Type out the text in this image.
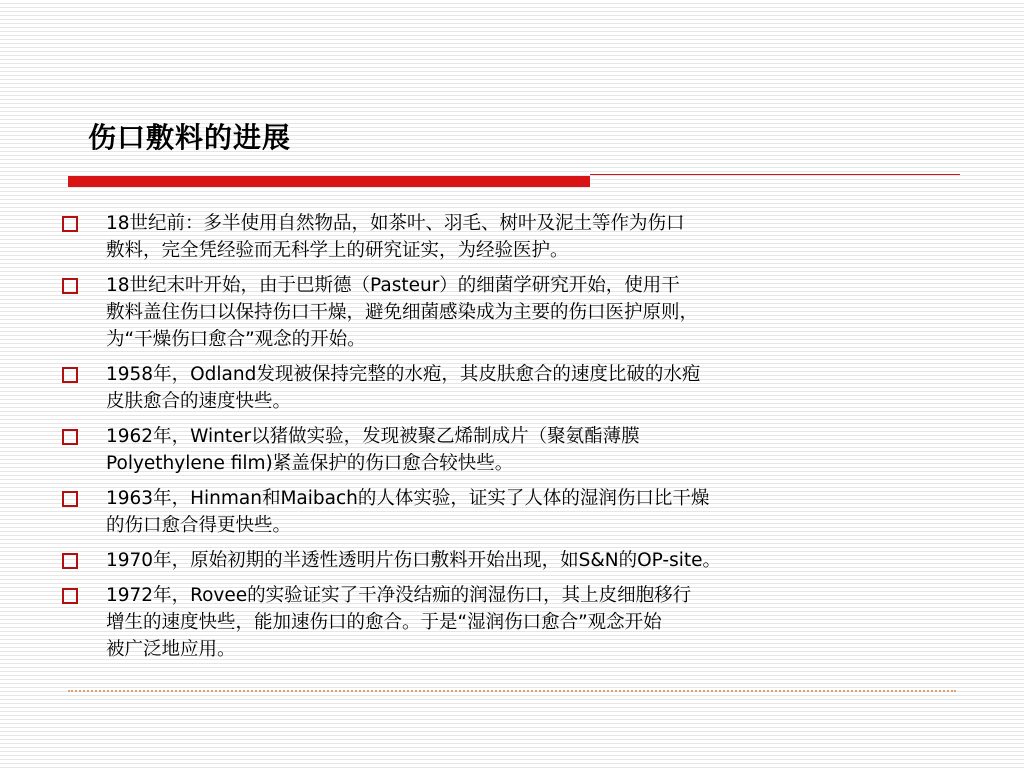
伤口敷料的进展
18世纪前：多半使用自然物品，如茶叶、羽毛、树叶及泥土等作为伤口
敷料，完全凭经验而无科学上的研究证实，为经验医护。
18世纪末叶开始，由于巴斯德（Pasteur）的细菌学研究开始，使用干
敷料盖住伤口以保持伤口干燥，避免细菌感染成为主要的伤口医护原则，
为“干燥伤口愈合”观念的开始。
1958年，Odland发现被保持完整的水疱，其皮肤愈合的速度比破的水疱
皮肤愈合的速度快些。
1962年，Winter以猪做实验，发现被聚乙烯制成片（聚氨酯薄膜
Polyethylene film)紧盖保护的伤口愈合较快些。
1963年，Hinman和Maibach的人体实验，证实了人体的湿润伤口比干燥
的伤口愈合得更快些。
1970年，原始初期的半透性透明片伤口敷料开始出现，如S&N的OP-site。
1972年，Rovee的实验证实了干净没结痂的润湿伤口，其上皮细胞移行
增生的速度快些，能加速伤口的愈合。于是“湿润伤口愈合”观念开始
被广泛地应用。
